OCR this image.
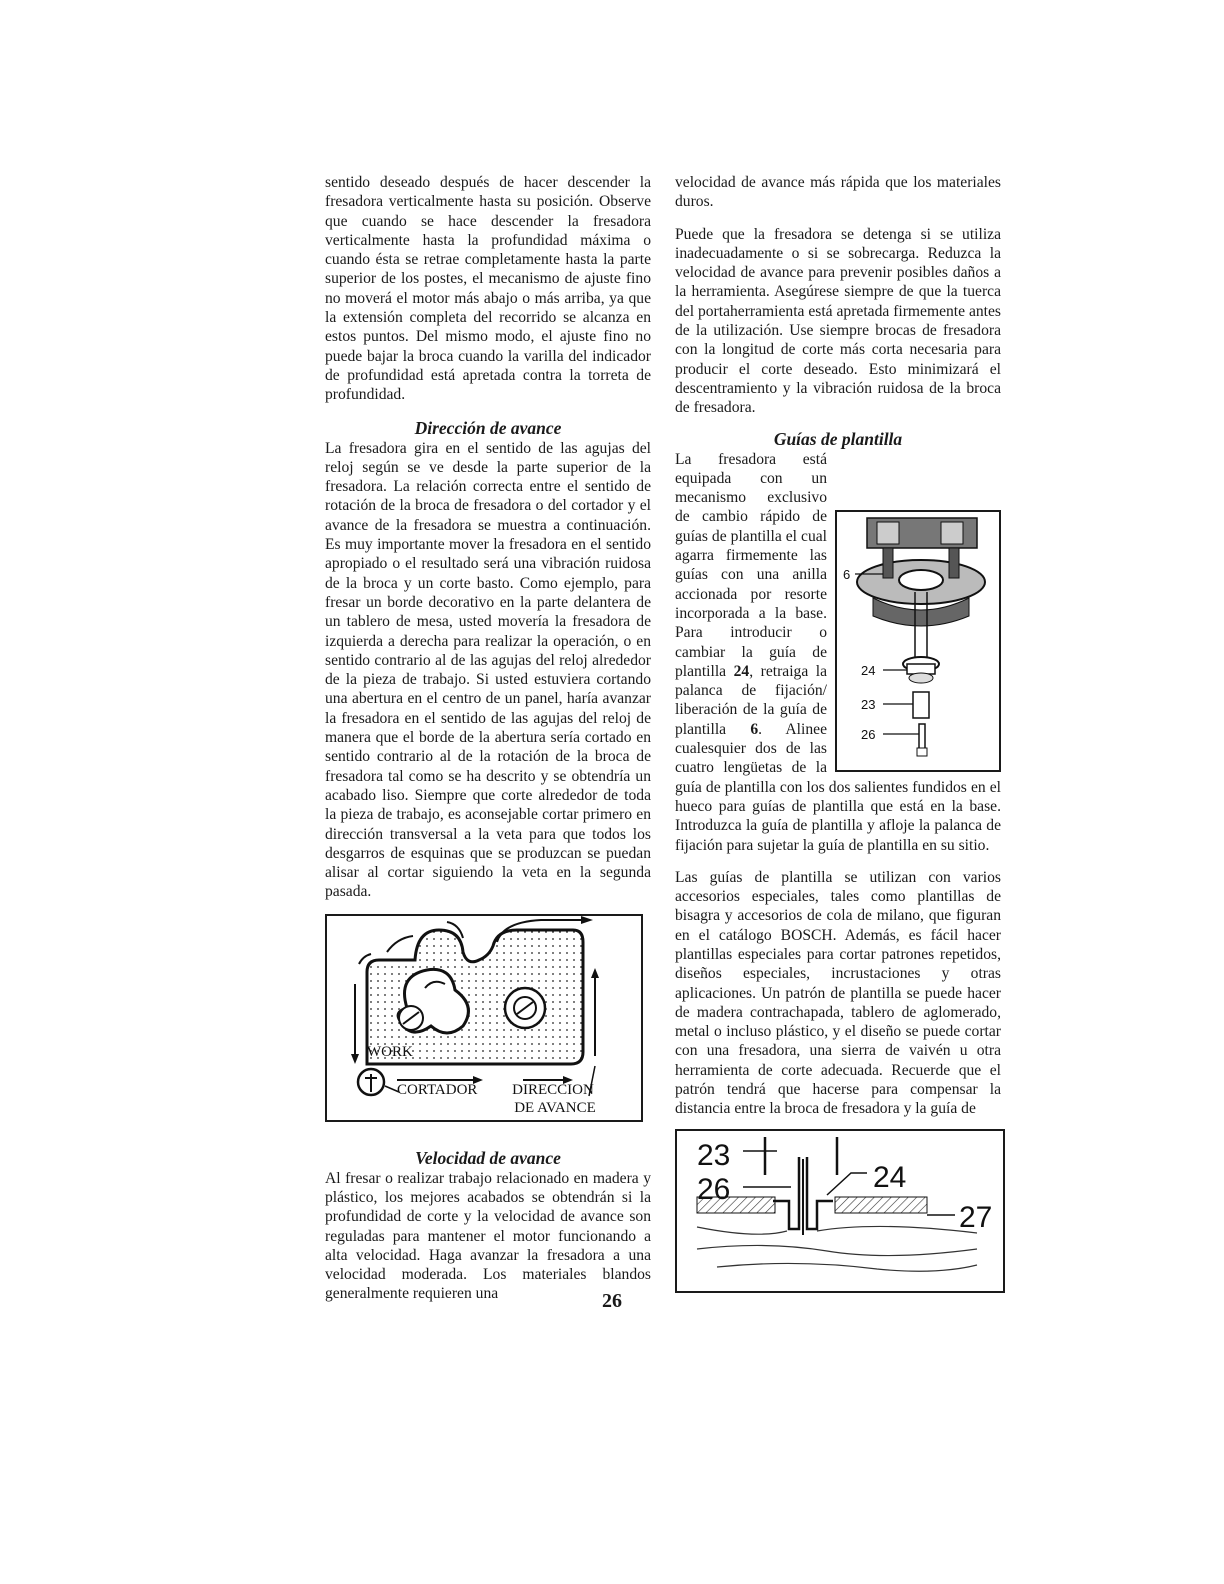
sentido deseado después de hacer descender la fresadora verticalmente hasta su posición. Observe que cuando se hace descender la fresadora verticalmente hasta la profundidad máxima o cuando ésta se retrae completamente hasta la parte superior de los postes, el mecanismo de ajuste fino no moverá el motor más abajo o más arriba, ya que la extensión completa del recorrido se alcanza en estos puntos. Del mismo modo, el ajuste fino no puede bajar la broca cuando la varilla del indicador de profundidad está apretada contra la torreta de profundidad.

Dirección de avance

La fresadora gira en el sentido de las agujas del reloj según se ve desde la parte superior de la fresadora. La relación correcta entre el sentido de rotación de la broca de fresadora o del cortador y el avance de la fresadora se muestra a continuación. Es muy importante mover la fresadora en el sentido apropiado o el resultado será una vibración ruidosa de la broca y un corte basto. Como ejemplo, para fresar un borde decorativo en la parte delantera de un tablero de mesa, usted movería la fresadora de izquierda a derecha para realizar la operación, o en sentido contrario al de las agujas del reloj alrededor de la pieza de trabajo. Si usted estuviera cortando una abertura en el centro de un panel, haría avanzar la fresadora en el sentido de las agujas del reloj de manera que el borde de la abertura sería cortado en sentido contrario al de la rotación de la broca de fresadora tal como se ha descrito y se obtendría un acabado liso. Siempre que corte alrededor de toda la pieza de trabajo, es aconsejable cortar primero en dirección transversal a la veta para que todos los desgarros de esquinas que se produzcan se puedan alisar al cortar siguiendo la veta en la segunda pasada.

WORK
CORTADOR DIRECCION
DE AVANCE
Velocidad de avance

Al fresar o realizar trabajo relacionado en madera y plástico, los mejores acabados se obtendrán si la profundidad de corte y la velocidad de avance son reguladas para mantener el motor funcionando a alta velocidad. Haga avanzar la fresadora a una velocidad moderada. Los materiales blandos generalmente requieren una

velocidad de avance más rápida que los materiales duros.

Puede que la fresadora se detenga si se utiliza inadecuadamente o si se sobrecarga. Reduzca la velocidad de avance para prevenir posibles daños a la herramienta. Asegúrese siempre de que la tuerca del portaherramienta está apretada firmemente antes de la utilización. Use siempre brocas de fresadora con la longitud de corte más corta necesaria para producir el corte deseado. Esto minimizará el descentramiento y la vibración ruidosa de la broca de fresadora.

Guías de plantilla

6
24
23
26
La fresadora está equipada con un mecanismo exclusivo de cambio rápido de guías de plantilla el cual agarra firmemente las guías con una anilla accionada por resorte incorporada a la base. Para introducir o cambiar la guía de plantilla 24, retraiga la palanca de fijación/ liberación de la guía de plantilla 6. Alinee cualesquier dos de las cuatro lengüetas de la guía de plantilla con los dos salientes fundidos en el hueco para guías de plantilla que está en la base. Introduzca la guía de plantilla y afloje la palanca de fijación para sujetar la guía de plantilla en su sitio.

Las guías de plantilla se utilizan con varios accesorios especiales, tales como plantillas de bisagra y accesorios de cola de milano, que figuran en el catálogo BOSCH. Además, es fácil hacer plantillas especiales para cortar patrones repetidos, diseños especiales, incrustaciones y otras aplicaciones. Un patrón de plantilla se puede hacer de madera contrachapada, tablero de aglomerado, metal o incluso plástico, y el diseño se puede cortar con una fresadora, una sierra de vaivén u otra herramienta de corte adecuada. Recuerde que el patrón tendrá que hacerse para compensar la distancia entre la broca de fresadora y la guía de

23
26	24
27
26
